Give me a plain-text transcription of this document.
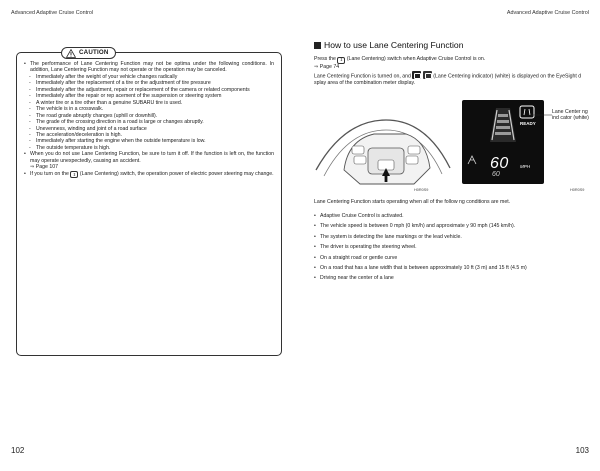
Advanced Adaptive Cruise Control	Advanced Adaptive Cruise Control
CAUTION
• The performance of Lane Centering Function may not be optima under the following conditions. In addition, Lane Centering Function may not operate or the operation may be canceled.
- Immediately after the weight of your vehicle changes radically
- Immediately after the replacement of a tire or the adjustment of tire pressure
- Immediately after the adjustment, repair or replacement of the camera or related components
- Immediately after the repair or rep acement of the suspension or steering system
- A winter tire or a tire other than a genuine SUBARU tire is used.
- The vehicle is in a crosswalk.
- The road grade abruptly changes (uphill or downhill).
- The grade of the crossing direction in a road is large or changes abruptly.
- Unevenness, winding and joint of a road surface
- The acceleration/deceleration is high.
- Immediately after starting the engine when the outside temperature is low.
- The outside temperature is high.
• When you do not use Lane Centering Function, be sure to turn it off. If the function is left on, the function may operate unexpectedly, causing an accident.
⇒ Page 107
• If you turn on the ⇕ (Lane Centering) switch, the operation power of electric power steering may change.
102
How to use Lane Centering Function
Press the ⇕ (Lane Centering) switch when Adaptive Cruise Control is on.
⇒ Page 74
Lane Centering Function is turned on, and	(Lane Centering indicator) (white) is displayed on the EyeSight d splay area of the combination meter display.
H0R0S9
READY
60 MPH
60
Lane Center ng ind cator (white)
H0R0S9
Lane Centering Function starts operating when all of the follow ng conditions are met.
• Adaptive Cruise Control is activated.
• The vehicle speed is between 0 mph (0 km/h) and approximate y 90 mph (145 km/h).
• The system is detecting the lane markings or the lead vehicle.
• The driver is operating the steering wheel.
• On a straight road or gentle curve
• On a road that has a lane width that is between approximately 10 ft (3 m) and 15 ft (4.5 m)
• Driving near the center of a lane
103
